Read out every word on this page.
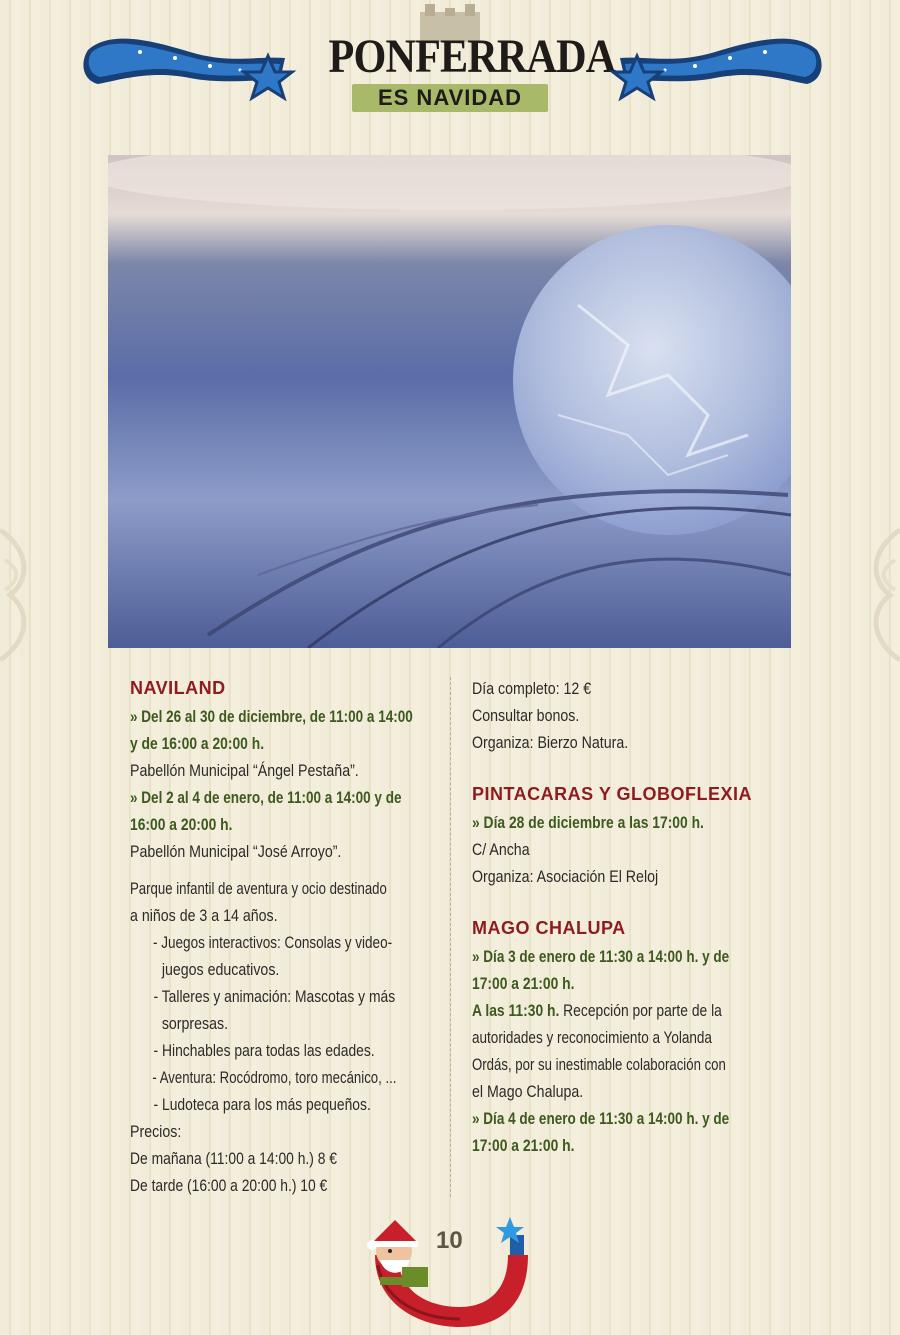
PONFERRADA
ES NAVIDAD

NAVILAND

» Del 26 al 30 de diciembre, de 11:00 a 14:00

y de 16:00 a 20:00 h.

Pabellón Municipal “Ángel Pestaña”.

» Del 2 al 4 de enero, de 11:00 a 14:00 y de

16:00 a 20:00 h.

Pabellón Municipal “José Arroyo”.

Parque infantil de aventura y ocio destinado

a niños de 3 a 14 años.

- Juegos interactivos: Consolas y video-

juegos educativos.

- Talleres y animación: Mascotas y más

sorpresas.

- Hinchables para todas las edades.

- Aventura: Rocódromo, toro mecánico, ...

- Ludoteca para los más pequeños.

Precios:

De mañana (11:00 a 14:00 h.) 8 €

De tarde (16:00 a 20:00 h.) 10 €

Día completo: 12 €

Consultar bonos.

Organiza: Bierzo Natura.

PINTACARAS Y GLOBOFLEXIA

» Día 28 de diciembre a las 17:00 h.

C/ Ancha

Organiza: Asociación El Reloj

MAGO CHALUPA

» Día 3 de enero de 11:30 a 14:00 h. y de

17:00 a 21:00 h.

A las 11:30 h. Recepción por parte de la

autoridades y reconocimiento a Yolanda

Ordás, por su inestimable colaboración con

el Mago Chalupa.

» Día 4 de enero de 11:30 a 14:00 h. y de

17:00 a 21:00 h.

10
